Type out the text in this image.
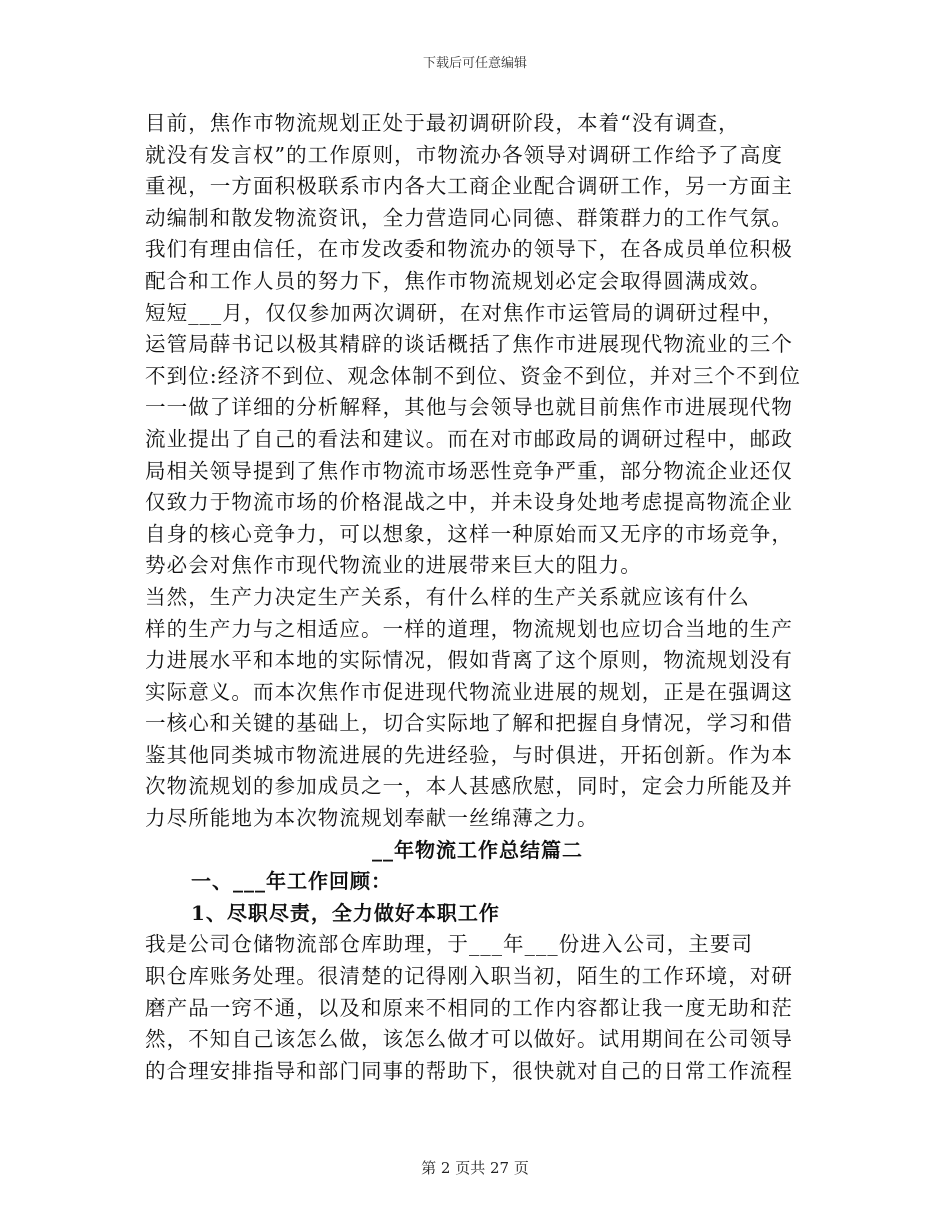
下载后可任意编辑
目前，焦作市物流规划正处于最初调研阶段，本着“没有调查，
就没有发言权”的工作原则，市物流办各领导对调研工作给予了高度
重视，一方面积极联系市内各大工商企业配合调研工作，另一方面主
动编制和散发物流资讯，全力营造同心同德、群策群力的工作气氛。
我们有理由信任，在市发改委和物流办的领导下，在各成员单位积极
配合和工作人员的努力下，焦作市物流规划必定会取得圆满成效。
短短___月，仅仅参加两次调研，在对焦作市运管局的调研过程中，
运管局薛书记以极其精辟的谈话概括了焦作市进展现代物流业的三个
不到位:经济不到位、观念体制不到位、资金不到位，并对三个不到位
一一做了详细的分析解释，其他与会领导也就目前焦作市进展现代物
流业提出了自己的看法和建议。而在对市邮政局的调研过程中，邮政
局相关领导提到了焦作市物流市场恶性竞争严重，部分物流企业还仅
仅致力于物流市场的价格混战之中，并未设身处地考虑提高物流企业
自身的核心竞争力，可以想象，这样一种原始而又无序的市场竞争，
势必会对焦作市现代物流业的进展带来巨大的阻力。
当然，生产力决定生产关系，有什么样的生产关系就应该有什么
样的生产力与之相适应。一样的道理，物流规划也应切合当地的生产
力进展水平和本地的实际情况，假如背离了这个原则，物流规划没有
实际意义。而本次焦作市促进现代物流业进展的规划，正是在强调这
一核心和关键的基础上，切合实际地了解和把握自身情况，学习和借
鉴其他同类城市物流进展的先进经验，与时俱进，开拓创新。作为本
次物流规划的参加成员之一，本人甚感欣慰，同时，定会力所能及并
力尽所能地为本次物流规划奉献一丝绵薄之力。
__年物流工作总结篇二
一、___年工作回顾：
1、尽职尽责，全力做好本职工作
我是公司仓储物流部仓库助理，于___年___份进入公司，主要司
职仓库账务处理。很清楚的记得刚入职当初，陌生的工作环境，对研
磨产品一窍不通，以及和原来不相同的工作内容都让我一度无助和茫
然，不知自己该怎么做，该怎么做才可以做好。试用期间在公司领导
的合理安排指导和部门同事的帮助下，很快就对自己的日常工作流程
第 2 页共 27 页
